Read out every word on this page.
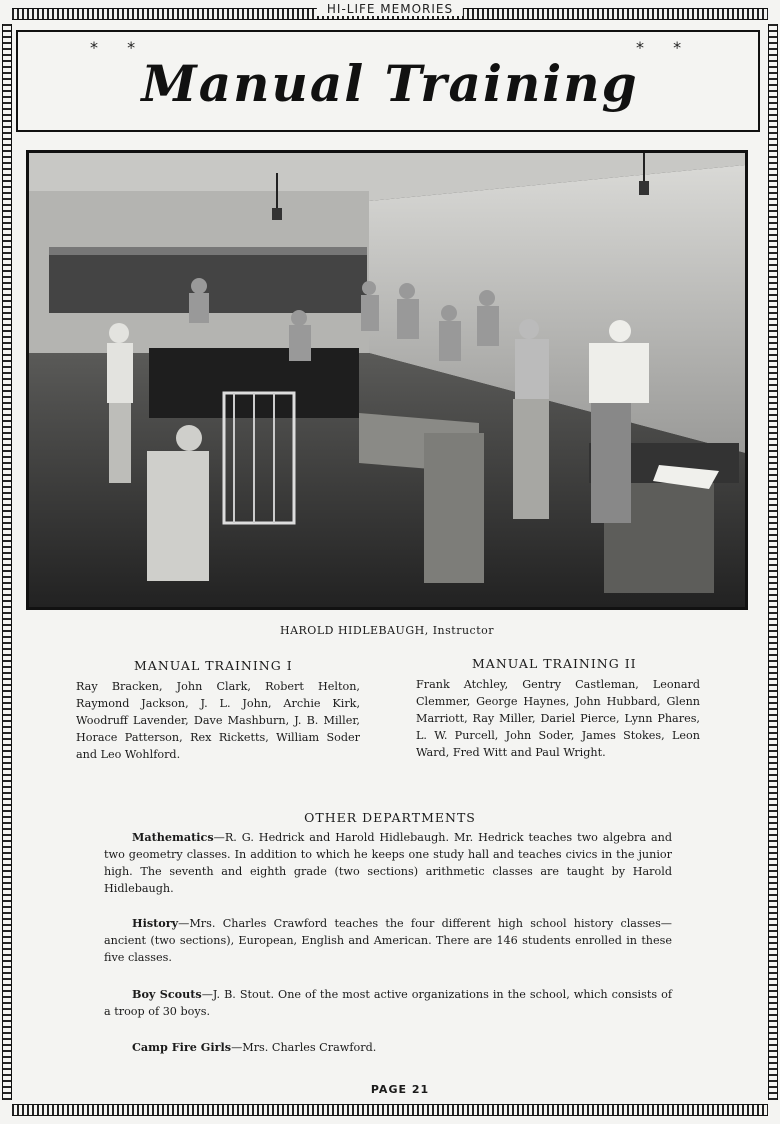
HI-LIFE MEMORIES
* *	* *
Manual Training
HAROLD HIDLEBAUGH, Instructor
MANUAL TRAINING I
Ray Bracken, John Clark, Robert Helton, Raymond Jackson, J. L. John, Archie Kirk, Woodruff Lavender, Dave Mashburn, J. B. Miller, Horace Patterson, Rex Ricketts, William Soder and Leo Wohlford.
MANUAL TRAINING II
Frank Atchley, Gentry Castleman, Leonard Clemmer, George Haynes, John Hubbard, Glenn Marriott, Ray Miller, Dariel Pierce, Lynn Phares, L. W. Purcell, John Soder, James Stokes, Leon Ward, Fred Witt and Paul Wright.
OTHER DEPARTMENTS
Mathematics—R. G. Hedrick and Harold Hidlebaugh. Mr. Hedrick teaches two algebra and two geometry classes. In addition to which he keeps one study hall and teaches civics in the junior high. The seventh and eighth grade (two sections) arithmetic classes are taught by Harold Hidlebaugh.
History—Mrs. Charles Crawford teaches the four different high school history classes—ancient (two sections), European, English and American. There are 146 students enrolled in these five classes.
Boy Scouts—J. B. Stout. One of the most active organizations in the school, which consists of a troop of 30 boys.
Camp Fire Girls—Mrs. Charles Crawford.
PAGE 21
